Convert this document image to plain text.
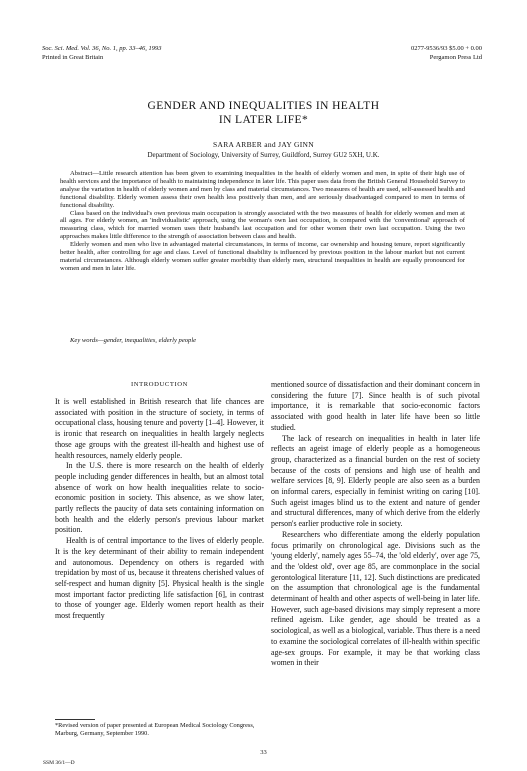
Soc. Sci. Med. Vol. 36, No. 1, pp. 33–46, 1993
Printed in Great Britain
0277-9536/93 $5.00 + 0.00
Pergamon Press Ltd
GENDER AND INEQUALITIES IN HEALTH
IN LATER LIFE*
SARA ARBER and JAY GINN
Department of Sociology, University of Surrey, Guildford, Surrey GU2 5XH, U.K.

Abstract—Little research attention has been given to examining inequalities in the health of elderly women and men, in spite of their high use of health services and the importance of health to maintaining independence in later life. This paper uses data from the British General Household Survey to analyse the variation in health of elderly women and men by class and material circumstances. Two measures of health are used, self-assessed health and functional disability. Elderly women assess their own health less positively than men, and are seriously disadvantaged compared to men in terms of functional disability.

Class based on the individual's own previous main occupation is strongly associated with the two measures of health for elderly women and men at all ages. For elderly women, an 'individualistic' approach, using the woman's own last occupation, is compared with the 'conventional' approach of measuring class, which for married women uses their husband's last occupation and for other women their own last occupation. Using the two approaches makes little difference to the strength of association between class and health.

Elderly women and men who live in advantaged material circumstances, in terms of income, car ownership and housing tenure, report significantly better health, after controlling for age and class. Level of functional disability is influenced by previous position in the labour market but not current material circumstances. Although elderly women suffer greater morbidity than elderly men, structural inequalities in health are equally pronounced for women and men in later life.

Key words—gender, inequalities, elderly people
INTRODUCTION

It is well established in British research that life chances are associated with position in the structure of society, in terms of occupational class, housing tenure and poverty [1–4]. However, it is ironic that research on inequalities in health largely neglects those age groups with the greatest ill-health and highest use of health resources, namely elderly people.

In the U.S. there is more research on the health of elderly people including gender differences in health, but an almost total absence of work on how health inequalities relate to socio-economic position in society. This absence, as we show later, partly reflects the paucity of data sets containing information on both health and the elderly person's previous labour market position.

Health is of central importance to the lives of elderly people. It is the key determinant of their ability to remain independent and autonomous. Dependency on others is regarded with trepidation by most of us, because it threatens cherished values of self-respect and human dignity [5]. Physical health is the single most important factor predicting life satisfaction [6], in contrast to those of younger age. Elderly women report health as their most frequently

mentioned source of dissatisfaction and their dominant concern in considering the future [7]. Since health is of such pivotal importance, it is remarkable that socio-economic factors associated with good health in later life have been so little studied.

The lack of research on inequalities in health in later life reflects an ageist image of elderly people as a homogeneous group, characterized as a financial burden on the rest of society because of the costs of pensions and high use of health and welfare services [8, 9]. Elderly people are also seen as a burden on informal carers, especially in feminist writing on caring [10]. Such ageist images blind us to the extent and nature of gender and structural differences, many of which derive from the elderly person's earlier productive role in society.

Researchers who differentiate among the elderly population focus primarily on chronological age. Divisions such as the 'young elderly', namely ages 55–74, the 'old elderly', over age 75, and the 'oldest old', over age 85, are commonplace in the social gerontological literature [11, 12]. Such distinctions are predicated on the assumption that chronological age is the fundamental determinant of health and other aspects of well-being in later life. However, such age-based divisions may simply represent a more refined ageism. Like gender, age should be treated as a sociological, as well as a biological, variable. Thus there is a need to examine the sociological correlates of ill-health within specific age-sex groups. For example, it may be that working class women in their

*Revised version of paper presented at European Medical Sociology Congress, Marburg, Germany, September 1990.
33
SSM 36/1—D
